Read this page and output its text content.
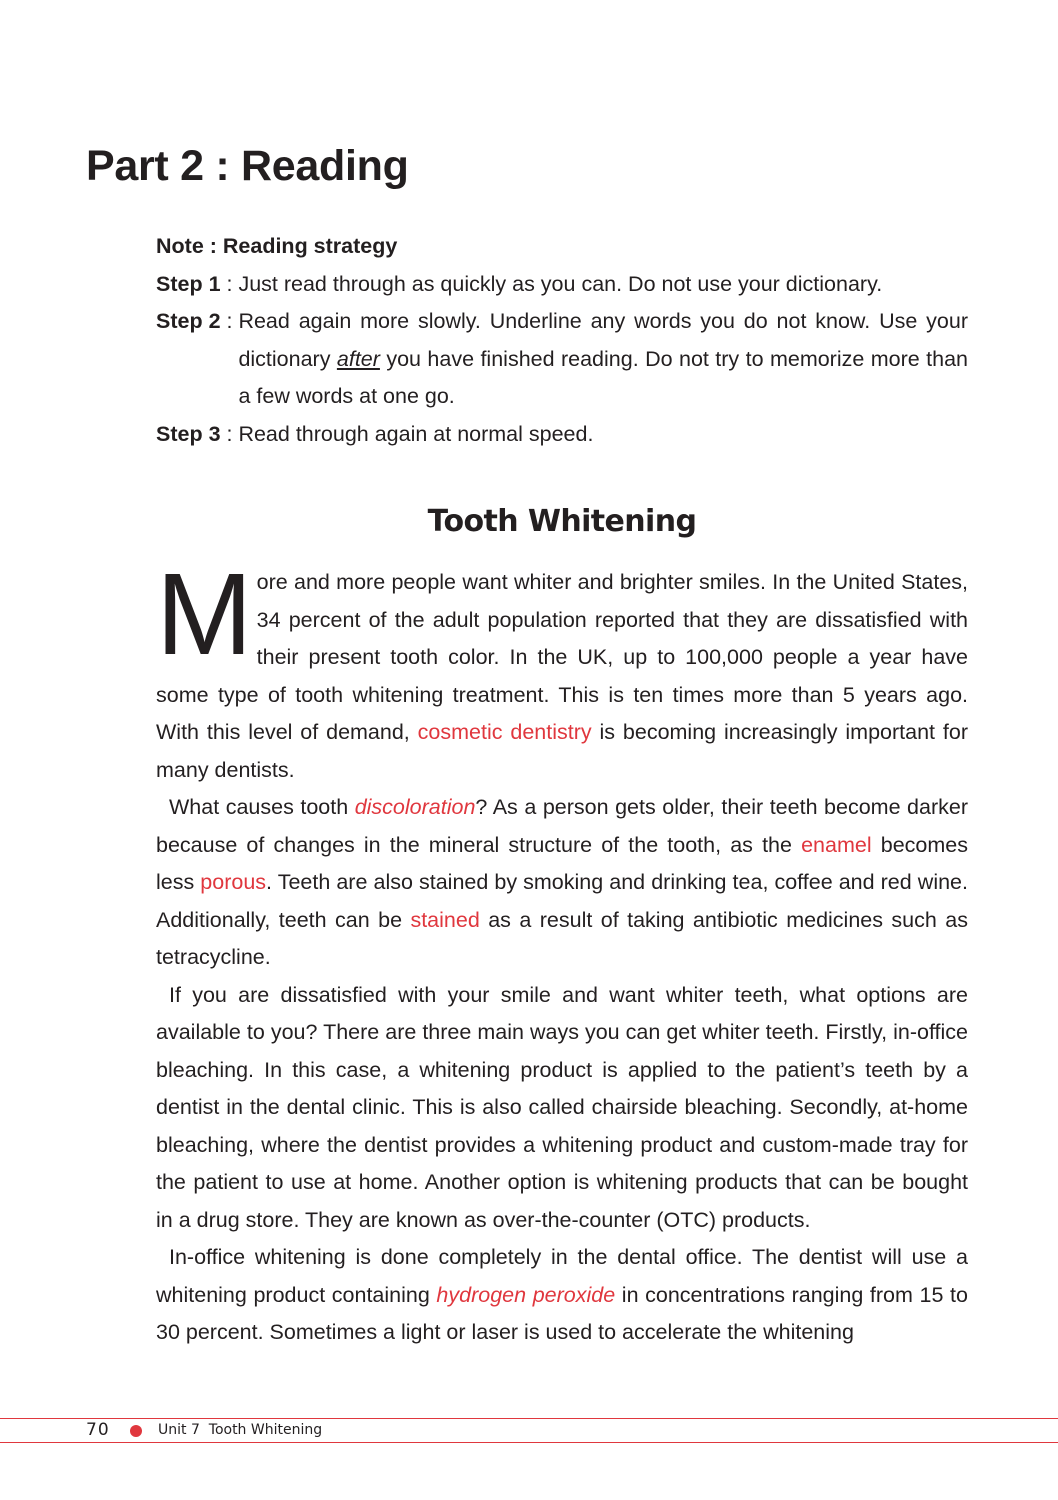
Part 2 : Reading

Note : Reading strategy

Step 1 : Just read through as quickly as you can. Do not use your dictionary.
Step 2 : Read again more slowly. Underline any words you do not know. Use your dictionary after you have finished reading. Do not try to memorize more than a few words at one go.
Step 3 : Read through again at normal speed.
Tooth Whitening

More and more people want whiter and brighter smiles. In the United States, 34 percent of the adult population reported that they are dissatisfied with their present tooth color. In the UK, up to 100,000 people a year have some type of tooth whitening treatment. This is ten times more than 5 years ago. With this level of demand, cosmetic dentistry is becoming increasingly important for many dentists.

What causes tooth discoloration? As a person gets older, their teeth become darker because of changes in the mineral structure of the tooth, as the enamel becomes less porous. Teeth are also stained by smoking and drinking tea, coffee and red wine. Additionally, teeth can be stained as a result of taking antibiotic medicines such as tetracycline.

If you are dissatisfied with your smile and want whiter teeth, what options are available to you? There are three main ways you can get whiter teeth. Firstly, in-office bleaching. In this case, a whitening product is applied to the patient’s teeth by a dentist in the dental clinic. This is also called chairside bleaching. Secondly, at-home bleaching, where the dentist provides a whitening product and custom-made tray for the patient to use at home. Another option is whitening products that can be bought in a drug store. They are known as over-the-counter (OTC) products.

In-office whitening is done completely in the dental office. The dentist will use a whitening product containing hydrogen peroxide in concentrations ranging from 15 to 30 percent. Sometimes a light or laser is used to accelerate the whitening

70	Unit 7 Tooth Whitening
